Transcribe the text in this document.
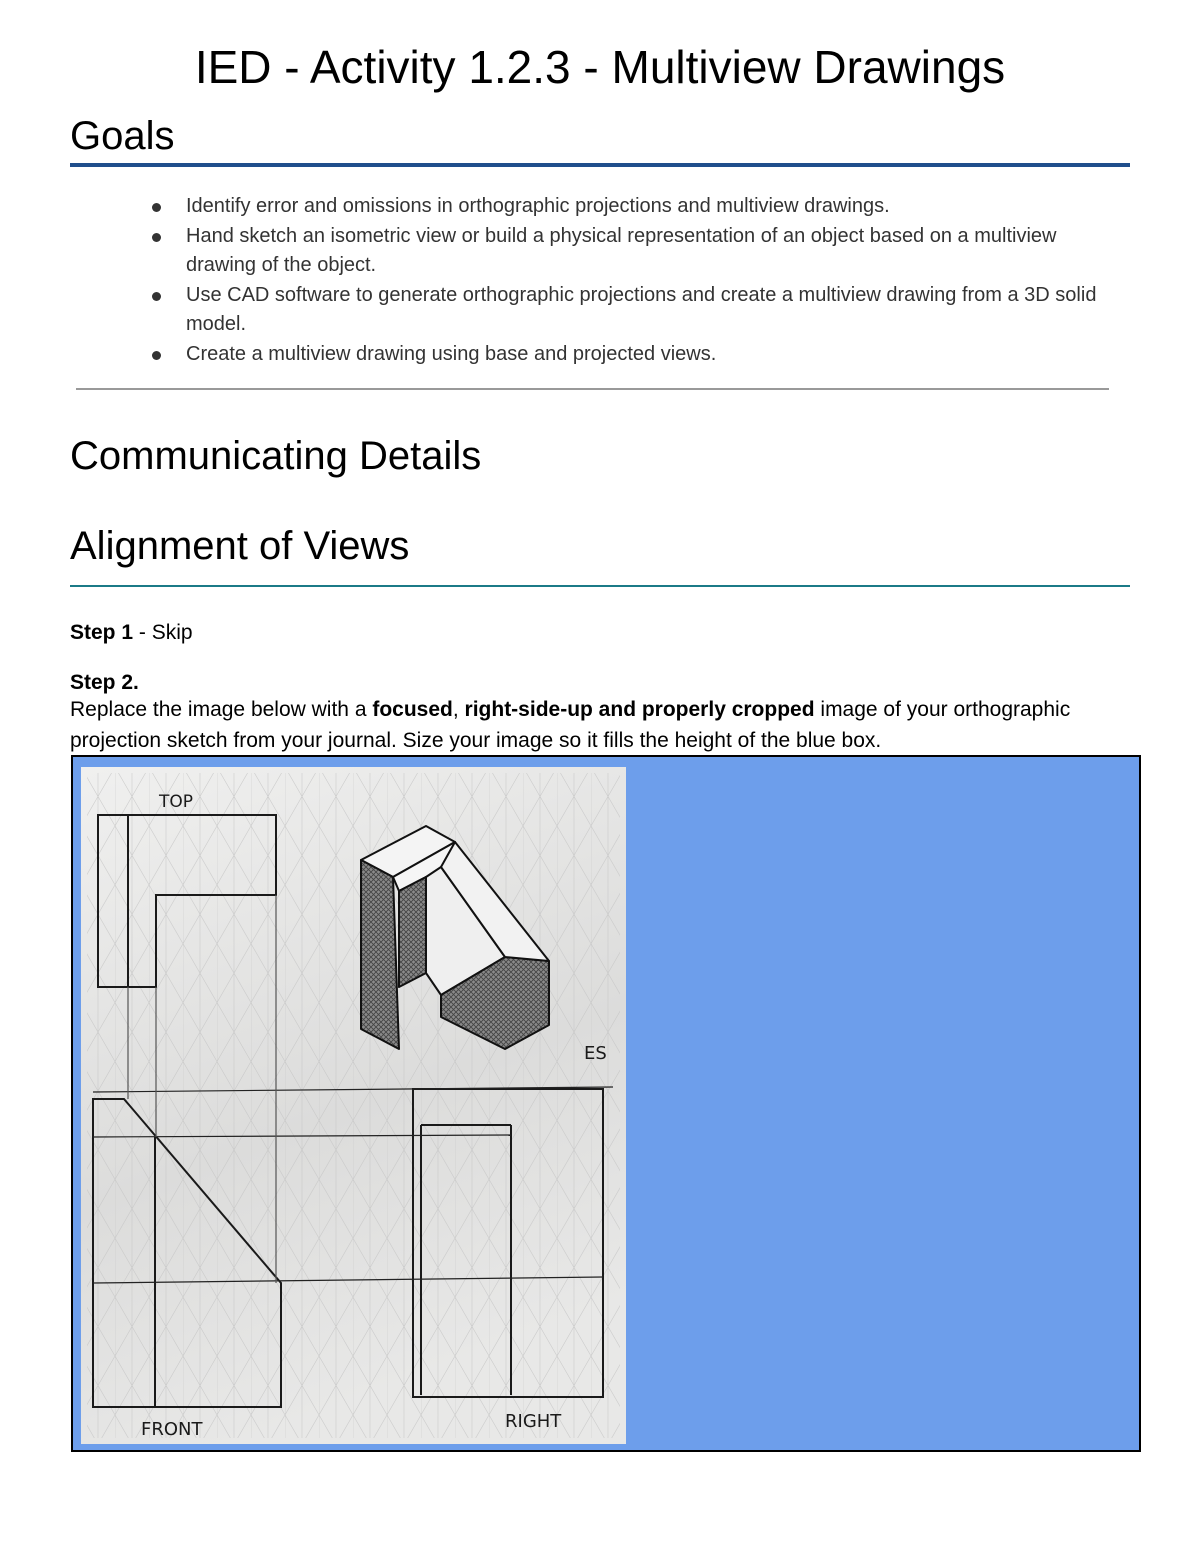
IED - Activity 1.2.3 - Multiview Drawings
Goals
Identify error and omissions in orthographic projections and multiview drawings.
Hand sketch an isometric view or build a physical representation of an object based on a multiview drawing of the object.
Use CAD software to generate orthographic projections and create a multiview drawing from a 3D solid model.
Create a multiview drawing using base and projected views.
Communicating Details
Alignment of Views
Step 1 - Skip
Step 2.
Replace the image below with a focused, right-side-up and properly cropped image of your orthographic projection sketch from your journal. Size your image so it fills the height of the blue box.
TOP
FRONT	RIGHT
ES
